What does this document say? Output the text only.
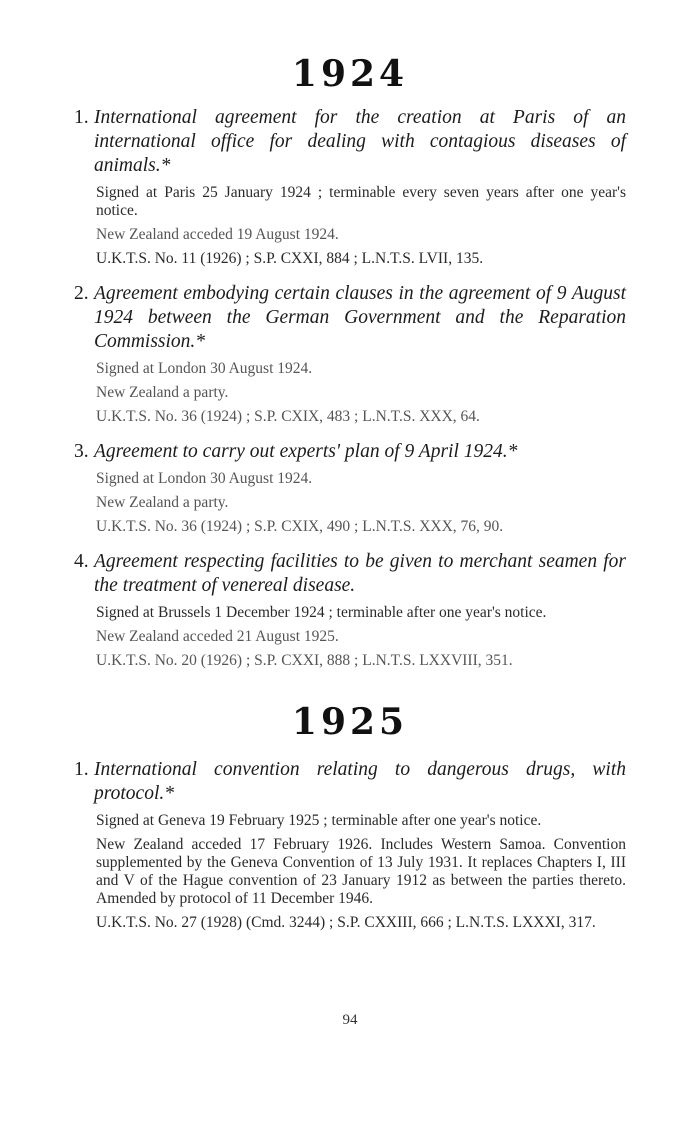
1924
1. International agreement for the creation at Paris of an international office for dealing with contagious diseases of animals.*

Signed at Paris 25 January 1924 ; terminable every seven years after one year's notice.

New Zealand acceded 19 August 1924.

U.K.T.S. No. 11 (1926) ; S.P. CXXI, 884 ; L.N.T.S. LVII, 135.

2. Agreement embodying certain clauses in the agreement of 9 August 1924 between the German Government and the Reparation Commission.*

Signed at London 30 August 1924.

New Zealand a party.

U.K.T.S. No. 36 (1924) ; S.P. CXIX, 483 ; L.N.T.S. XXX, 64.

3. Agreement to carry out experts' plan of 9 April 1924.*

Signed at London 30 August 1924.

New Zealand a party.

U.K.T.S. No. 36 (1924) ; S.P. CXIX, 490 ; L.N.T.S. XXX, 76, 90.

4. Agreement respecting facilities to be given to merchant seamen for the treatment of venereal disease.

Signed at Brussels 1 December 1924 ; terminable after one year's notice.

New Zealand acceded 21 August 1925.

U.K.T.S. No. 20 (1926) ; S.P. CXXI, 888 ; L.N.T.S. LXXVIII, 351.

1925
1. International convention relating to dangerous drugs, with protocol.*

Signed at Geneva 19 February 1925 ; terminable after one year's notice.

New Zealand acceded 17 February 1926. Includes Western Samoa. Convention supplemented by the Geneva Convention of 13 July 1931. It replaces Chapters I, III and V of the Hague convention of 23 January 1912 as between the parties thereto. Amended by protocol of 11 December 1946.

U.K.T.S. No. 27 (1928) (Cmd. 3244) ; S.P. CXXIII, 666 ; L.N.T.S. LXXXI, 317.

94
